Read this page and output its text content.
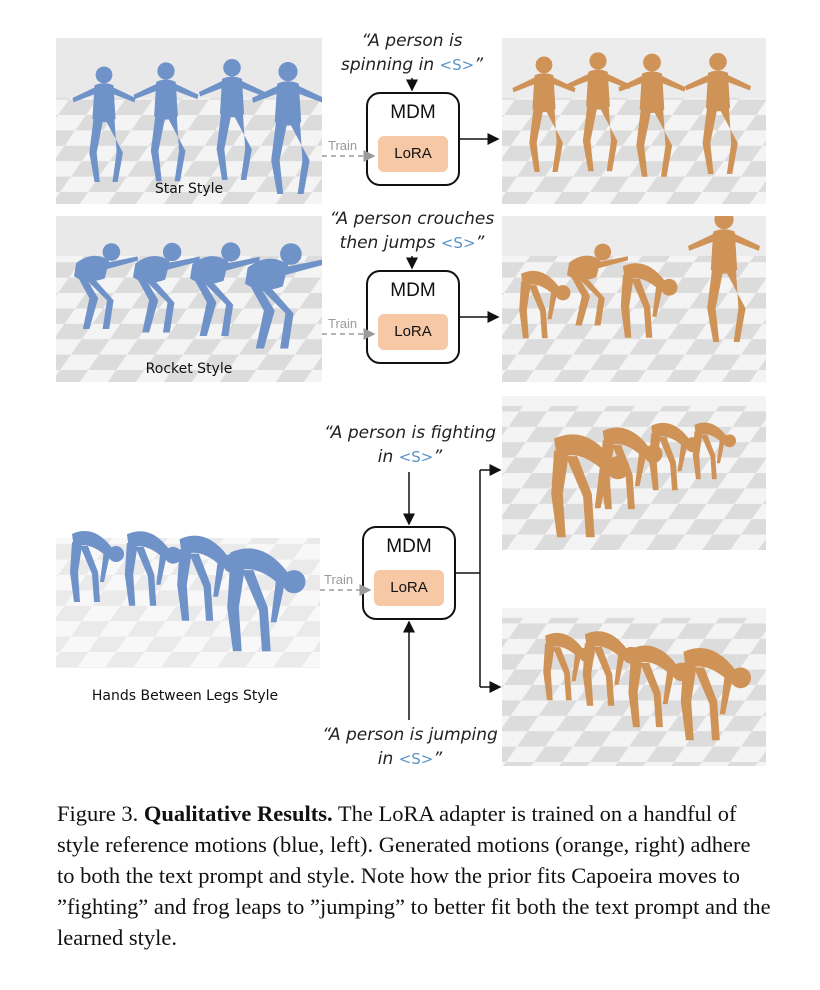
Star Style
“A person is
spinning in <S>”
MDM
LoRA
Train
Rocket Style
“A person crouches
then jumps <S>”
MDM
LoRA
Train
Hands Between Legs Style
“A person is fighting
in <S>”
MDM
LoRA
Train
“A person is jumping
in <S>”
Figure 3. Qualitative Results. The LoRA adapter is trained on a handful of style reference motions (blue, left). Generated motions (orange, right) adhere to both the text prompt and style. Note how the prior fits Capoeira moves to ”fighting” and frog leaps to ”jumping” to better fit both the text prompt and the learned style.
